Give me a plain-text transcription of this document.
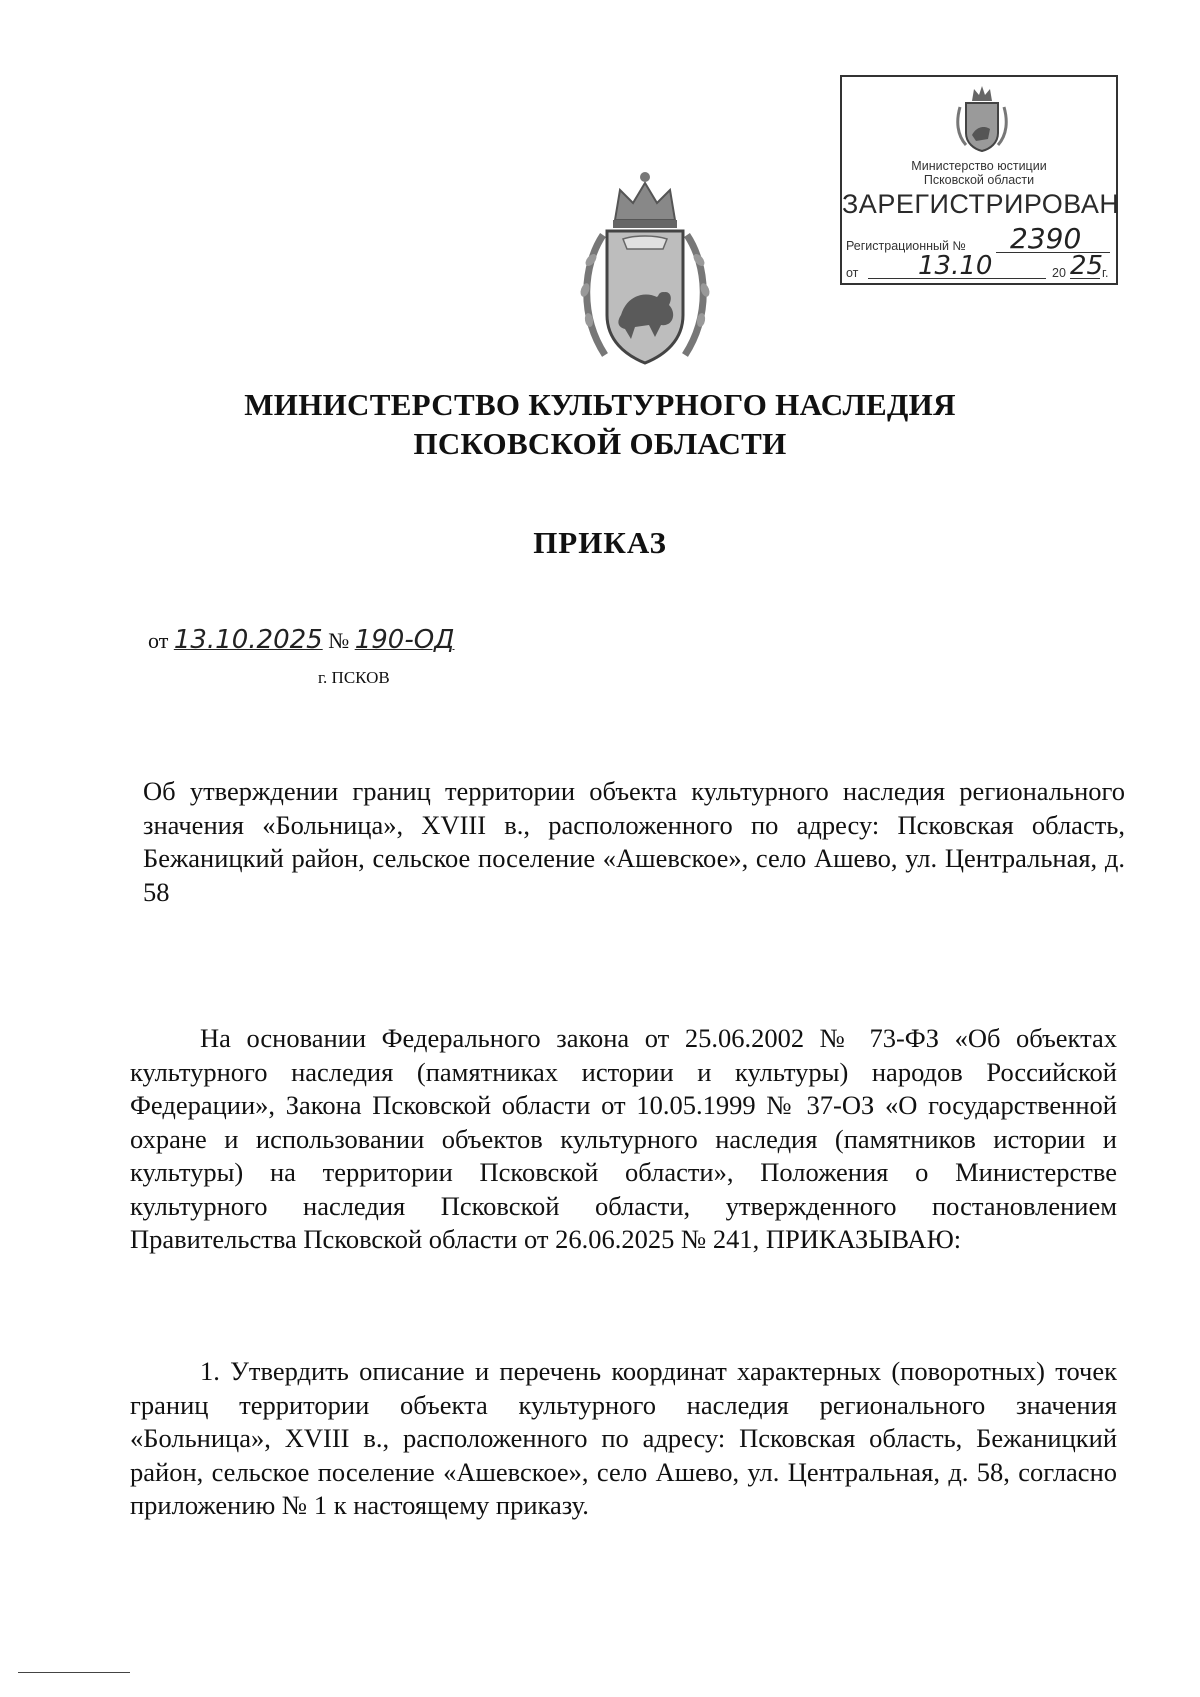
Министерство юстиции
Псковской области
ЗАРЕГИСТРИРОВАН
Регистрационный № 2390
от 13.10	20 25
г.
МИНИСТЕРСТВО КУЛЬТУРНОГО НАСЛЕДИЯ
ПСКОВСКОЙ ОБЛАСТИ
ПРИКАЗ
от 13.10.2025 № 190-ОД
г. ПСКОВ
Об утверждении границ территории объекта культурного наследия регионального значения «Больница», XVIII в., расположенного по адресу: Псковская область, Бежаницкий район, сельское поселение «Ашевское», село Ашево, ул. Центральная, д. 58
На основании Федерального закона от 25.06.2002 № 73-ФЗ «Об объектах культурного наследия (памятниках истории и культуры) народов Российской Федерации», Закона Псковской области от 10.05.1999 № 37-ОЗ «О государственной охране и использовании объектов культурного наследия (памятников истории и культуры) на территории Псковской области», Положения о Министерстве культурного наследия Псковской области, утвержденного постановлением Правительства Псковской области от 26.06.2025 № 241, ПРИКАЗЫВАЮ:
1. Утвердить описание и перечень координат характерных (поворотных) точек границ территории объекта культурного наследия регионального значения «Больница», XVIII в., расположенного по адресу: Псковская область, Бежаницкий район, сельское поселение «Ашевское», село Ашево, ул. Центральная, д. 58, согласно приложению № 1 к настоящему приказу.
